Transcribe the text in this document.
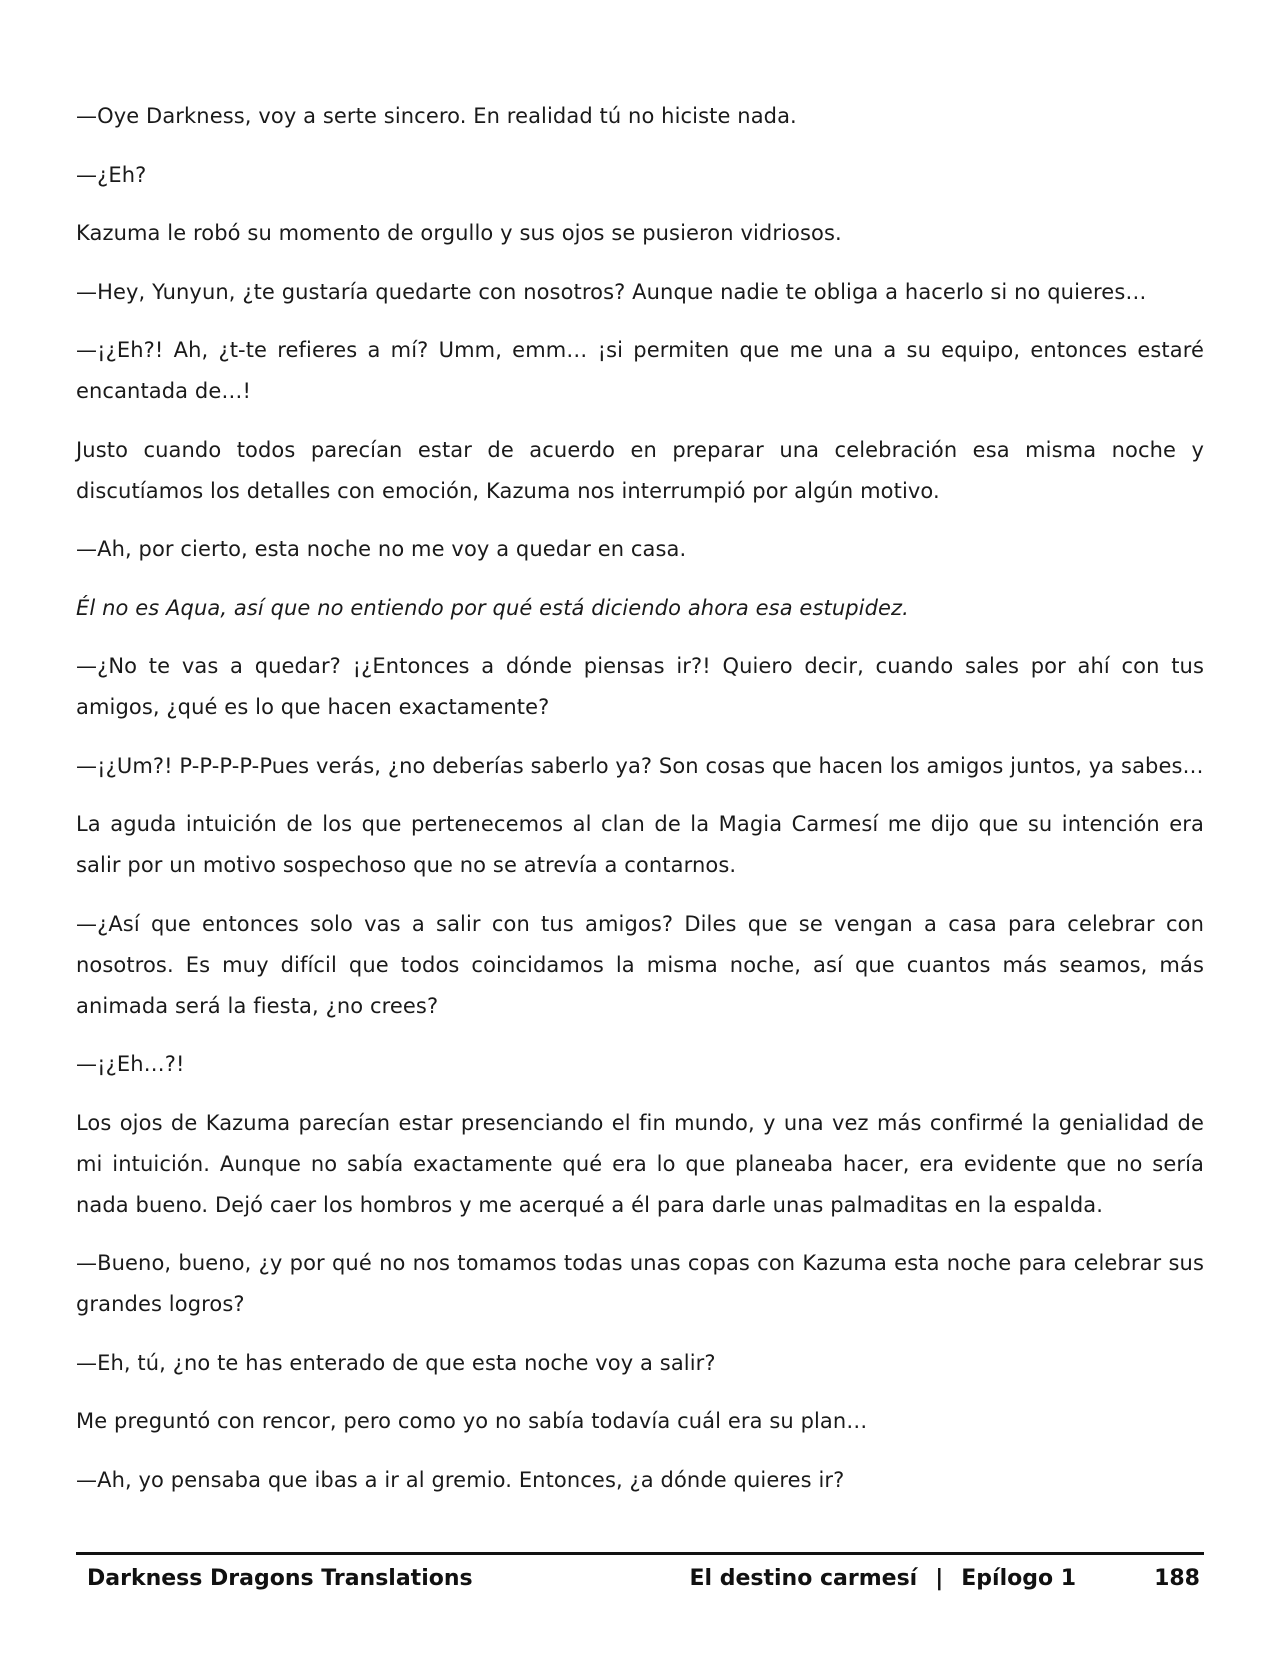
—Oye Darkness, voy a serte sincero. En realidad tú no hiciste nada.

—¿Eh?

Kazuma le robó su momento de orgullo y sus ojos se pusieron vidriosos.

—Hey, Yunyun, ¿te gustaría quedarte con nosotros? Aunque nadie te obliga a hacerlo si no quieres…

—¡¿Eh?! Ah, ¿t-te refieres a mí? Umm, emm… ¡si permiten que me una a su equipo, entonces estaré encantada de…!

Justo cuando todos parecían estar de acuerdo en preparar una celebración esa misma noche y discutíamos los detalles con emoción, Kazuma nos interrumpió por algún motivo.

—Ah, por cierto, esta noche no me voy a quedar en casa.

Él no es Aqua, así que no entiendo por qué está diciendo ahora esa estupidez.

—¿No te vas a quedar? ¡¿Entonces a dónde piensas ir?! Quiero decir, cuando sales por ahí con tus amigos, ¿qué es lo que hacen exactamente?

—¡¿Um?! P-P-P-P-Pues verás, ¿no deberías saberlo ya? Son cosas que hacen los amigos juntos, ya sabes…

La aguda intuición de los que pertenecemos al clan de la Magia Carmesí me dijo que su intención era salir por un motivo sospechoso que no se atrevía a contarnos.

—¿Así que entonces solo vas a salir con tus amigos? Diles que se vengan a casa para celebrar con nosotros. Es muy difícil que todos coincidamos la misma noche, así que cuantos más seamos, más animada será la fiesta, ¿no crees?

—¡¿Eh…?!

Los ojos de Kazuma parecían estar presenciando el fin mundo, y una vez más confirmé la genialidad de mi intuición. Aunque no sabía exactamente qué era lo que planeaba hacer, era evidente que no sería nada bueno. Dejó caer los hombros y me acerqué a él para darle unas palmaditas en la espalda.

—Bueno, bueno, ¿y por qué no nos tomamos todas unas copas con Kazuma esta noche para celebrar sus grandes logros?

—Eh, tú, ¿no te has enterado de que esta noche voy a salir?

Me preguntó con rencor, pero como yo no sabía todavía cuál era su plan…

—Ah, yo pensaba que ibas a ir al gremio. Entonces, ¿a dónde quieres ir?

Darkness Dragons Translations	El destino carmesí | Epílogo 1	188
